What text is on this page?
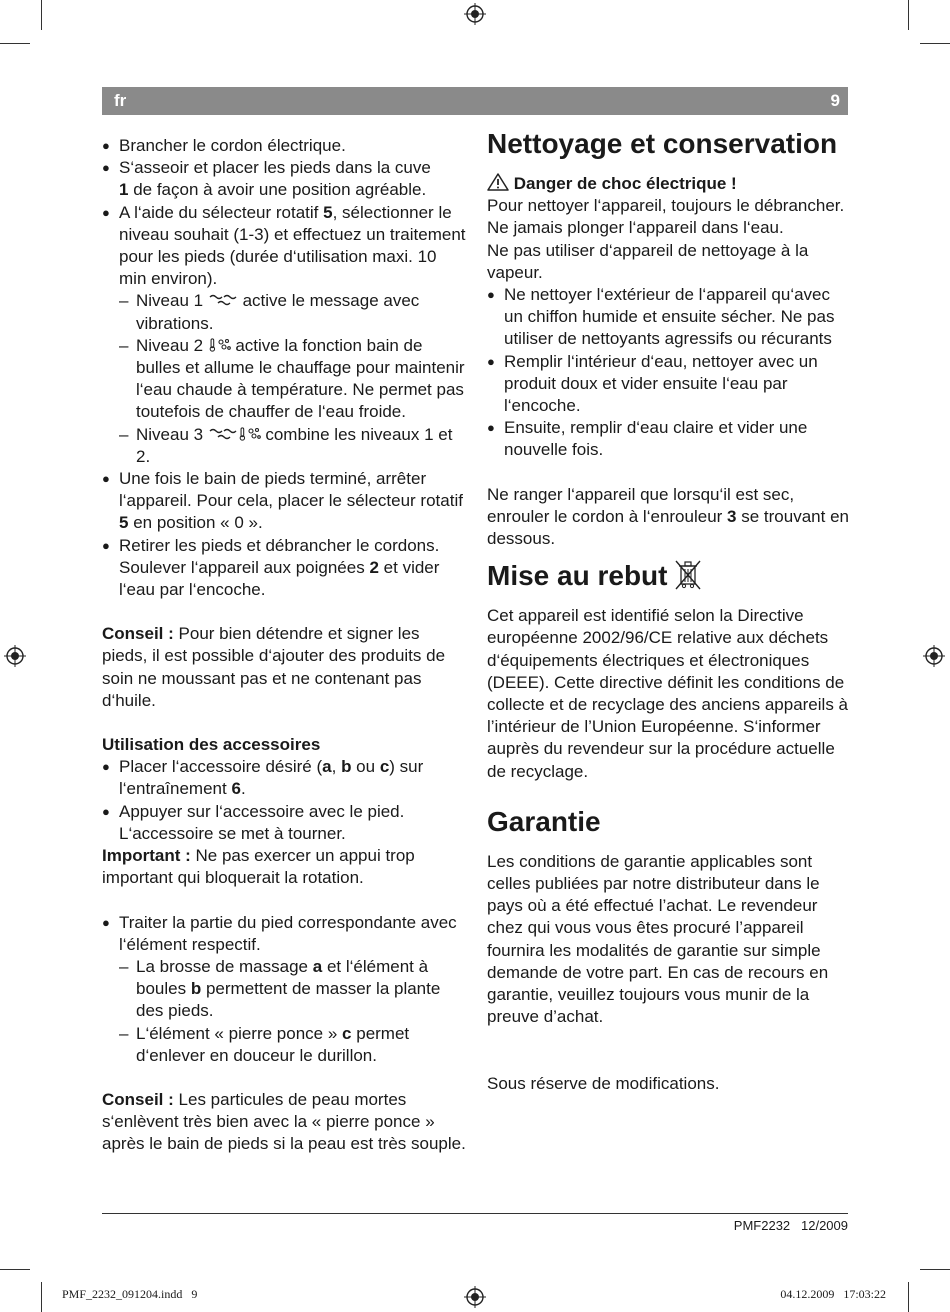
fr	9
● Brancher le cordon électrique.
● S‘asseoir et placer les pieds dans la cuve
1 de façon à avoir une position agréable.
● A l‘aide du sélecteur rotatif 5, sélectionner le niveau souhait (1-3) et effectuez un traitement pour les pieds (durée d‘utilisation maxi. 10 min environ).
– Niveau 1 active le message avec vibrations.
– Niveau 2 active la fonction bain de bulles et allume le chauffage pour maintenir l‘eau chaude à température. Ne permet pas toutefois de chauffer de l‘eau froide.
– Niveau 3	combine les niveaux 1 et 2.
● Une fois le bain de pieds terminé, arrêter l‘appareil. Pour cela, placer le sélecteur rotatif 5 en position « 0 ».
● Retirer les pieds et débrancher le cordons. Soulever l‘appareil aux poignées 2 et vider l‘eau par l‘encoche.

Conseil : Pour bien détendre et signer les pieds, il est possible d‘ajouter des produits de soin ne moussant pas et ne contenant pas d‘huile.

Utilisation des accessoires

● Placer l‘accessoire désiré (a, b ou c) sur l‘entraînement 6.
● Appuyer sur l‘accessoire avec le pied. L‘accessoire se met à tourner.

Important : Ne pas exercer un appui trop important qui bloquerait la rotation.

● Traiter la partie du pied correspondante avec l‘élément respectif.
– La brosse de massage a et l‘élément à boules b permettent de masser la plante des pieds.
– L‘élément « pierre ponce » c permet d‘enlever en douceur le durillon.

Conseil : Les particules de peau mortes s‘enlèvent très bien avec la « pierre ponce » après le bain de pieds si la peau est très souple.

Nettoyage et conservation

Danger de choc électrique !

Pour nettoyer l‘appareil, toujours le débrancher.

Ne jamais plonger l‘appareil dans l‘eau.

Ne pas utiliser d‘appareil de nettoyage à la vapeur.

● Ne nettoyer l‘extérieur de l‘appareil qu‘avec un chiffon humide et ensuite sécher. Ne pas utiliser de nettoyants agressifs ou récurants
● Remplir l‘intérieur d‘eau, nettoyer avec un produit doux et vider ensuite l‘eau par l‘encoche.
● Ensuite, remplir d‘eau claire et vider une nouvelle fois.

Ne ranger l‘appareil que lorsqu‘il est sec, enrouler le cordon à l‘enrouleur 3 se trouvant en dessous.

Mise au rebut

Cet appareil est identifié selon la Directive européenne 2002/96/CE relative aux déchets d‘équipements électriques et électroniques (DEEE). Cette directive définit les conditions de collecte et de recyclage des anciens appareils à l’intérieur de l’Union Européenne. S‘informer auprès du revendeur sur la procédure actuelle de recyclage.

Garantie

Les conditions de garantie applicables sont celles publiées par notre distributeur dans le pays où a été effectué l’achat. Le revendeur chez qui vous vous êtes procuré l’appareil fournira les modalités de garantie sur simple demande de votre part. En cas de recours en garantie, veuillez toujours vous munir de la preuve d’achat.

Sous réserve de modifications.

PMF2232   12/2009
PMF_2232_091204.indd   9	04.12.2009   17:03:22
